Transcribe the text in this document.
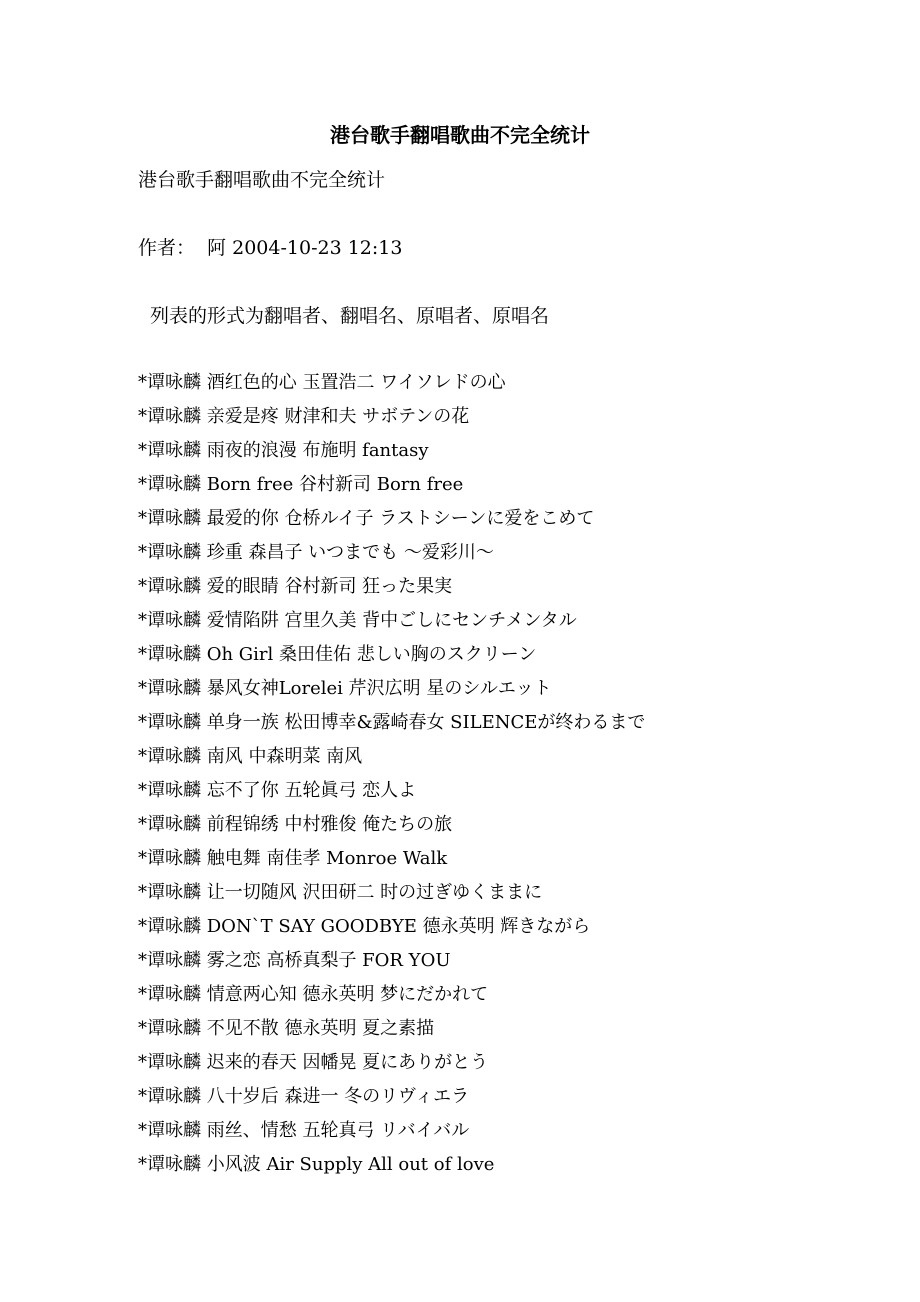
港台歌手翻唱歌曲不完全统计

港台歌手翻唱歌曲不完全统计

作者：  阿 2004-10-23 12:13

列表的形式为翻唱者、翻唱名、原唱者、原唱名

*谭咏麟 酒红色的心 玉置浩二 ワイソレドの心
*谭咏麟 亲爱是疼 财津和夫 サボテンの花
*谭咏麟 雨夜的浪漫 布施明 fantasy
*谭咏麟 Born free 谷村新司 Born free
*谭咏麟 最爱的你 仓桥ルイ子 ラストシーンに爱をこめて
*谭咏麟 珍重 森昌子 いつまでも ～爱彩川～
*谭咏麟 爱的眼睛 谷村新司 狂った果実
*谭咏麟 爱情陷阱 宫里久美 背中ごしにセンチメンタル
*谭咏麟 Oh Girl 桑田佳佑 悲しい胸のスクリーン
*谭咏麟 暴风女神Lorelei 芹沢広明 星のシルエット
*谭咏麟 单身一族 松田博幸&露崎春女 SILENCEが终わるまで
*谭咏麟 南风 中森明菜 南风
*谭咏麟 忘不了你 五轮眞弓 恋人よ
*谭咏麟 前程锦绣 中村雅俊 俺たちの旅
*谭咏麟 触电舞 南佳孝 Monroe Walk
*谭咏麟 让一切随风 沢田研二 时の过ぎゆくままに
*谭咏麟 DON`T SAY GOODBYE 德永英明 辉きながら
*谭咏麟 雾之恋 高桥真梨子 FOR YOU
*谭咏麟 情意两心知 德永英明 梦にだかれて
*谭咏麟 不见不散 德永英明 夏之素描
*谭咏麟 迟来的春天 因幡晃 夏にありがとう
*谭咏麟 八十岁后 森进一 冬のリヴィエラ
*谭咏麟 雨丝、情愁 五轮真弓 リバイバル
*谭咏麟 小风波 Air Supply All out of love
